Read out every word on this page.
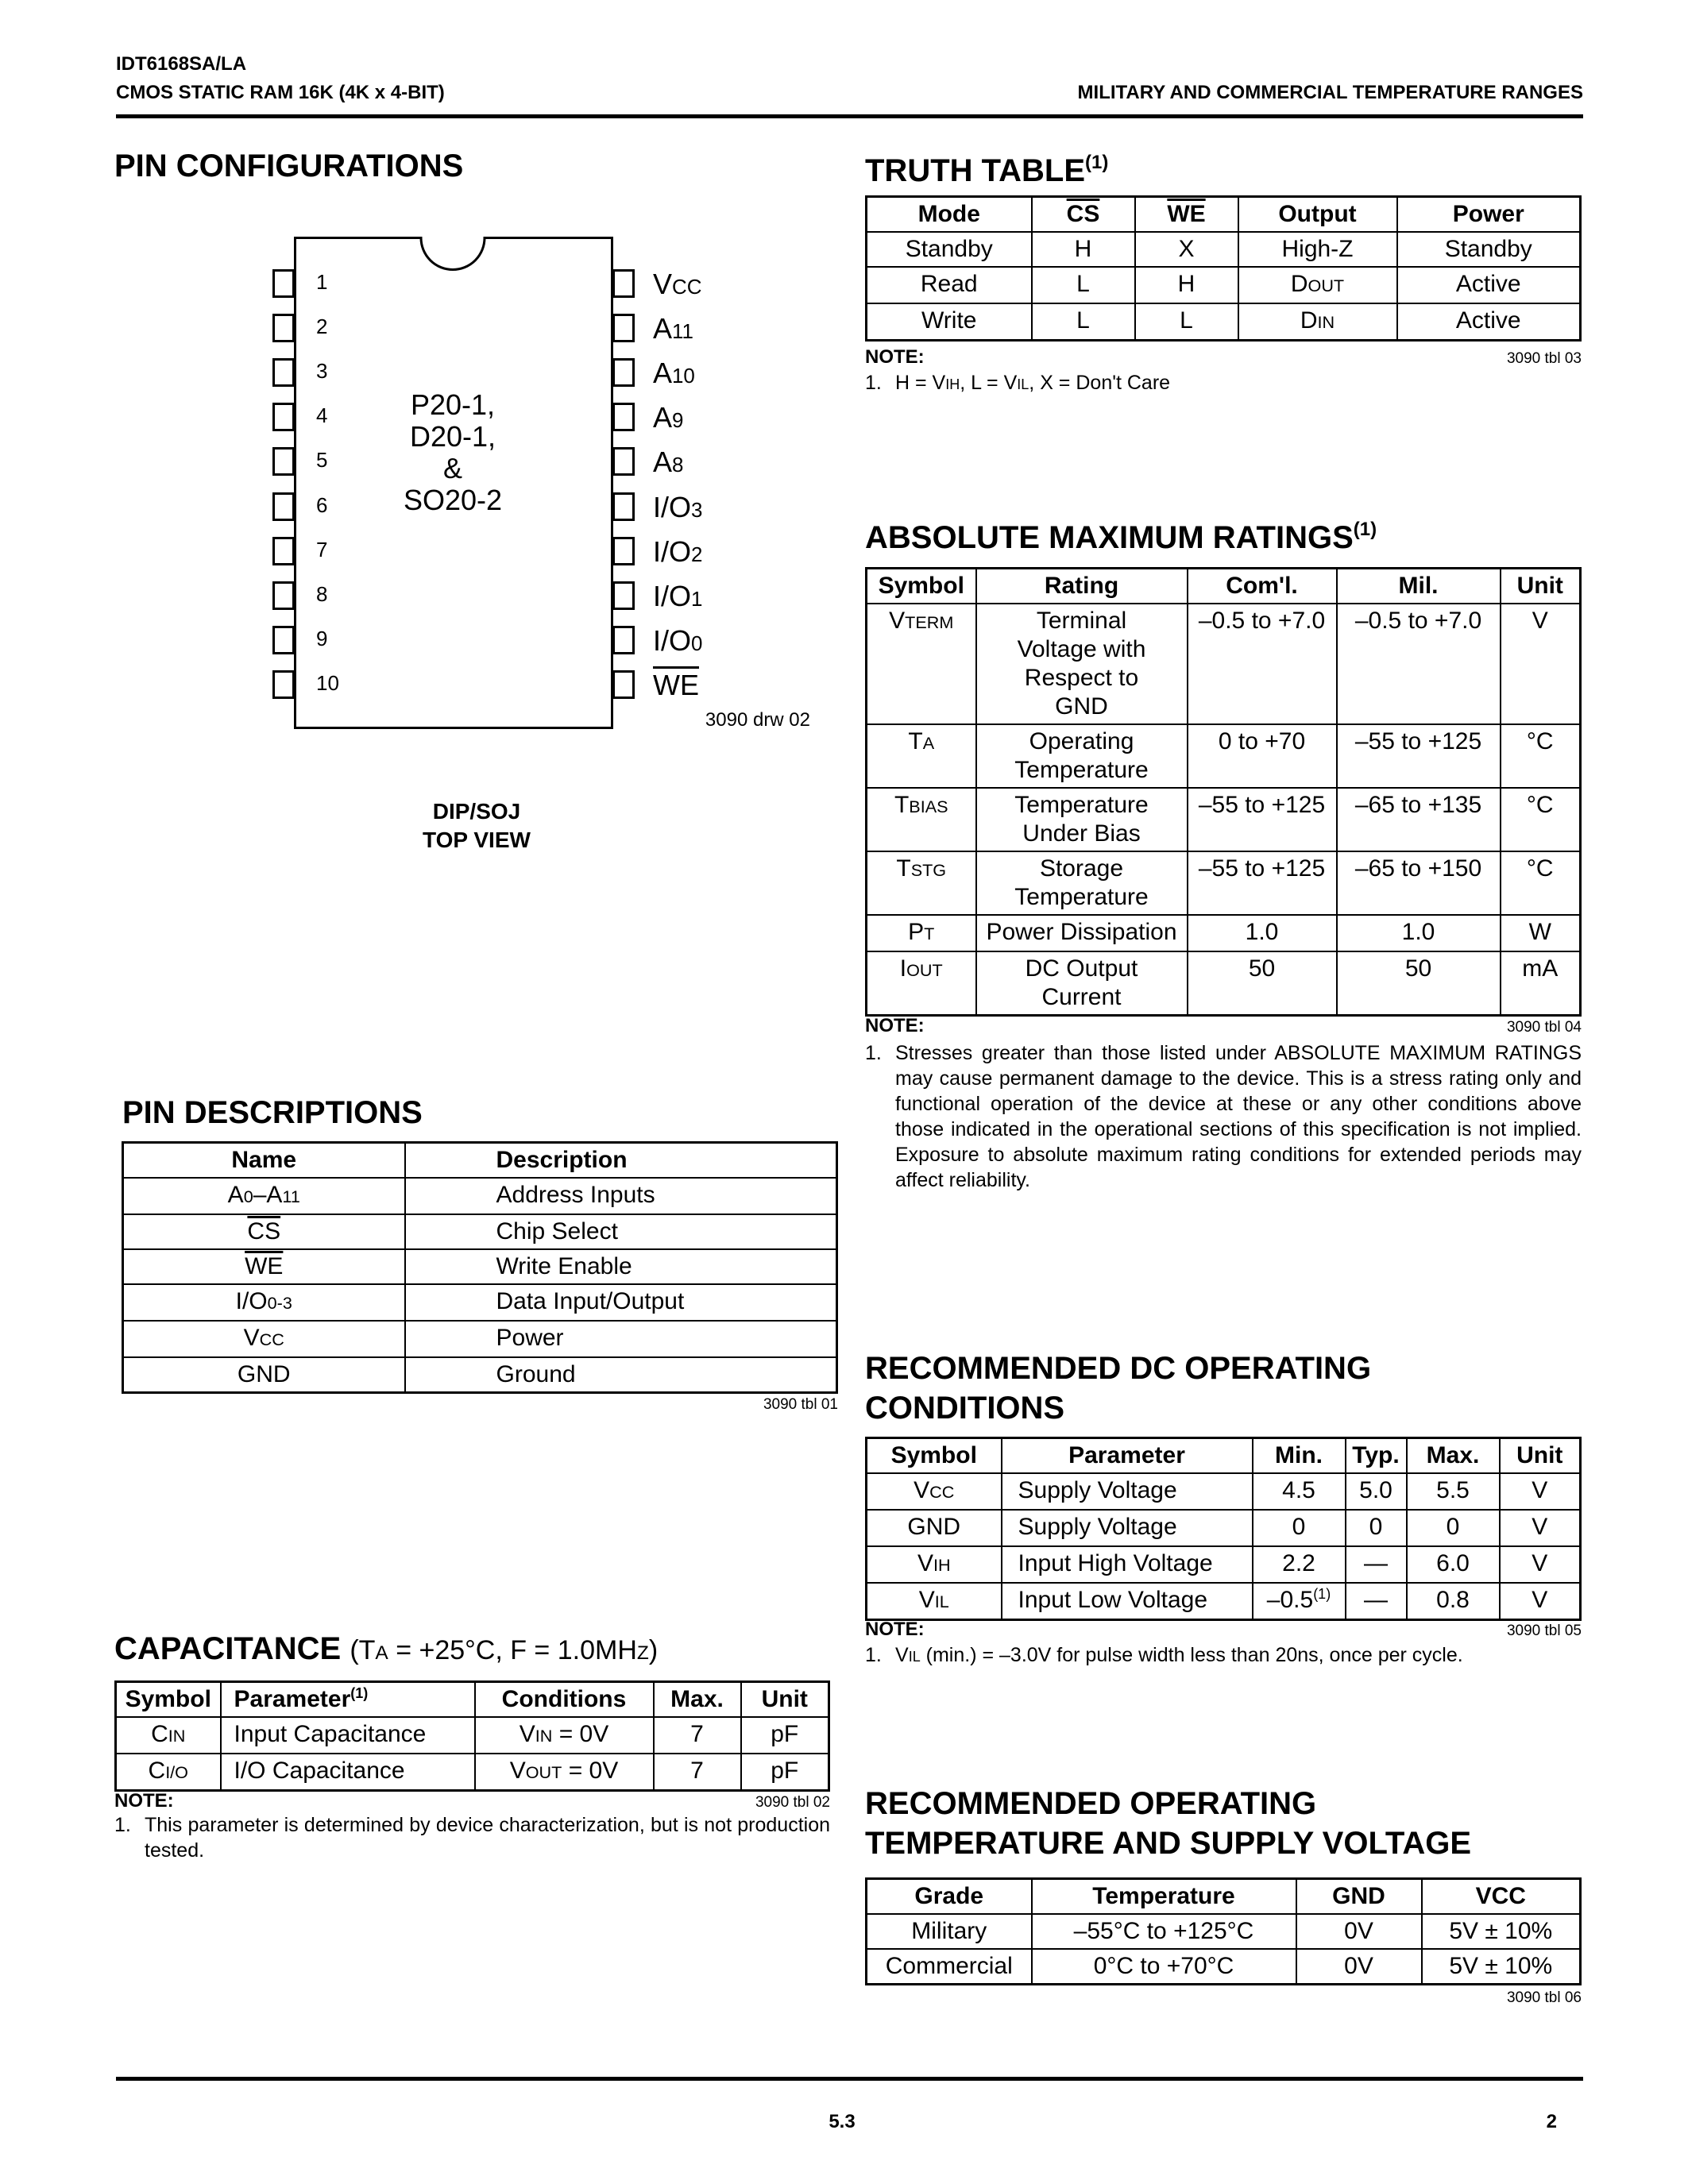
IDT6168SA/LA
CMOS STATIC RAM 16K (4K x 4-BIT)	MILITARY AND COMMERCIAL TEMPERATURE RANGES
PIN CONFIGURATIONS
1
2
3
4
5
6
7
8
9
10
VCC
A11
A10
A9
A8
I/O3
I/O2
I/O1
I/O0
$\overline{WE}$
P20-1,
D20-1,
&
SO20-2
3090 drw 02
DIP/SOJ
TOP VIEW
PIN DESCRIPTIONS
Name	Description
A0–A11	Address Inputs
$\overline{CS}$	Chip Select
$\overline{WE}$	Write Enable
I/O0-3	Data Input/Output
VCC	Power
GND	Ground
3090 tbl 01
CAPACITANCE (TA = +25°C, F = 1.0MHZ)
Symbol	Parameter$^{(1)}$	Conditions	Max.	Unit
CIN	Input Capacitance	VIN = 0V	7	pF
CI/O	I/O Capacitance	VOUT = 0V	7	pF
NOTE:	3090 tbl 02
1. This parameter is determined by device characterization, but is not production tested.
TRUTH TABLE$^{(1)}$
Mode	$\overline{CS}$	$\overline{WE}$	Output	Power
Standby	H	X	High-Z	Standby
Read	L	H	DOUT	Active
Write	L	L	DIN	Active
NOTE:	3090 tbl 03
1. H = VIH, L = VIL, X = Don't Care
ABSOLUTE MAXIMUM RATINGS$^{(1)}$
Symbol	Rating	Com'l.	Mil.	Unit
VTERM	Terminal Voltage with Respect to GND	–0.5 to +7.0	–0.5 to +7.0	V
TA	Operating Temperature	0 to +70	–55 to +125	°C
TBIAS	Temperature Under Bias	–55 to +125	–65 to +135	°C
TSTG	Storage Temperature	–55 to +125	–65 to +150	°C
PT	Power Dissipation	1.0	1.0	W
IOUT	DC Output Current	50	50	mA
NOTE:	3090 tbl 04
1. Stresses greater than those listed under ABSOLUTE MAXIMUM RATINGS may cause permanent damage to the device. This is a stress rating only and functional operation of the device at these or any other conditions above those indicated in the operational sections of this specification is not implied. Exposure to absolute maximum rating conditions for extended periods may affect reliability.
RECOMMENDED DC OPERATING
CONDITIONS
Symbol	Parameter	Min.	Typ.	Max.	Unit
VCC	Supply Voltage	4.5	5.0	5.5	V
GND	Supply Voltage	0	0	0	V
VIH	Input High Voltage	2.2	—	6.0	V
VIL	Input Low Voltage	–0.5$^{(1)}$	—	0.8	V
NOTE:	3090 tbl 05
1. VIL (min.) = –3.0V for pulse width less than 20ns, once per cycle.
RECOMMENDED OPERATING
TEMPERATURE AND SUPPLY VOLTAGE
Grade	Temperature	GND	VCC
Military	–55°C to +125°C	0V	5V ± 10%
Commercial	0°C to +70°C	0V	5V ± 10%
3090 tbl 06
5.3	2
